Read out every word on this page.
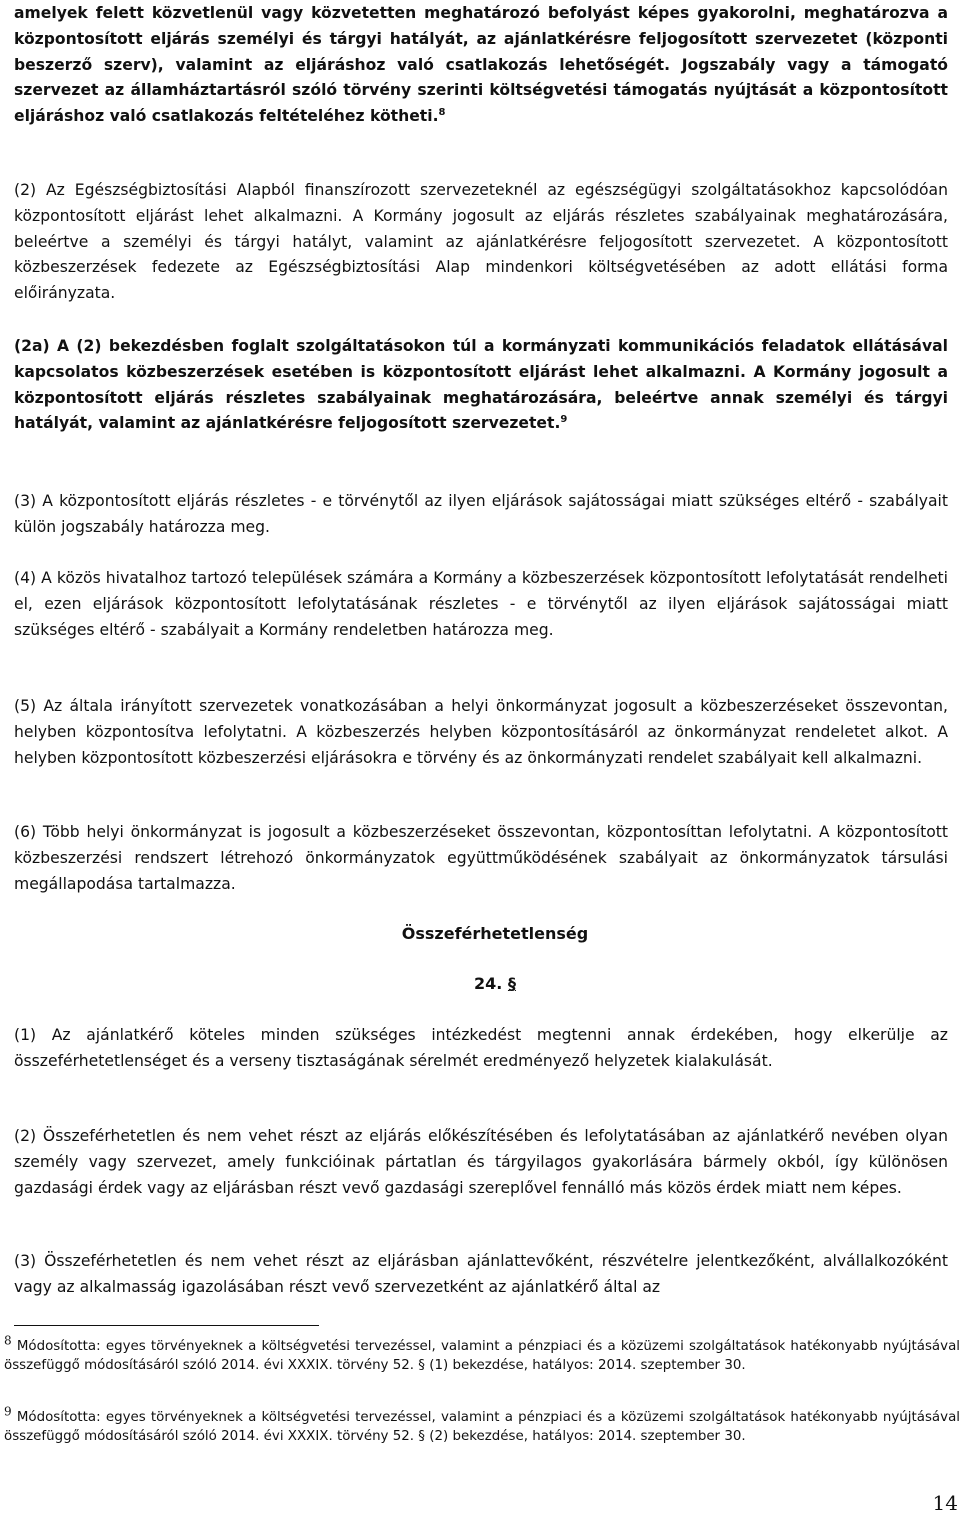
amelyek felett közvetlenül vagy közvetetten meghatározó befolyást képes gyakorolni, meghatározva a központosított eljárás személyi és tárgyi hatályát, az ajánlatkérésre feljogosított szervezetet (központi beszerző szerv), valamint az eljáráshoz való csatlakozás lehetőségét. Jogszabály vagy a támogató szervezet az államháztartásról szóló törvény szerinti költségvetési támogatás nyújtását a központosított eljáráshoz való csatlakozás feltételéhez kötheti.$^8$

(2) Az Egészségbiztosítási Alapból finanszírozott szervezeteknél az egészségügyi szolgáltatásokhoz kapcsolódóan központosított eljárást lehet alkalmazni. A Kormány jogosult az eljárás részletes szabályainak meghatározására, beleértve a személyi és tárgyi hatályt, valamint az ajánlatkérésre feljogosított szervezetet. A központosított közbeszerzések fedezete az Egészségbiztosítási Alap mindenkori költségvetésében az adott ellátási forma előirányzata.

(2a) A (2) bekezdésben foglalt szolgáltatásokon túl a kormányzati kommunikációs feladatok ellátásával kapcsolatos közbeszerzések esetében is központosított eljárást lehet alkalmazni. A Kormány jogosult a központosított eljárás részletes szabályainak meghatározására, beleértve annak személyi és tárgyi hatályát, valamint az ajánlatkérésre feljogosított szervezetet.$^9$

(3) A központosított eljárás részletes - e törvénytől az ilyen eljárások sajátosságai miatt szükséges eltérő - szabályait külön jogszabály határozza meg.

(4) A közös hivatalhoz tartozó települések számára a Kormány a közbeszerzések központosított lefolytatását rendelheti el, ezen eljárások központosított lefolytatásának részletes - e törvénytől az ilyen eljárások sajátosságai miatt szükséges eltérő - szabályait a Kormány rendeletben határozza meg.

(5) Az általa irányított szervezetek vonatkozásában a helyi önkormányzat jogosult a közbeszerzéseket összevontan, helyben központosítva lefolytatni. A közbeszerzés helyben központosításáról az önkormányzat rendeletet alkot. A helyben központosított közbeszerzési eljárásokra e törvény és az önkormányzati rendelet szabályait kell alkalmazni.

(6) Több helyi önkormányzat is jogosult a közbeszerzéseket összevontan, központosíttan lefolytatni. A központosított közbeszerzési rendszert létrehozó önkormányzatok együttműködésének szabályait az önkormányzatok társulási megállapodása tartalmazza.

Összeférhetetlenség
24. §

(1) Az ajánlatkérő köteles minden szükséges intézkedést megtenni annak érdekében, hogy elkerülje az összeférhetetlenséget és a verseny tisztaságának sérelmét eredményező helyzetek kialakulását.

(2) Összeférhetetlen és nem vehet részt az eljárás előkészítésében és lefolytatásában az ajánlatkérő nevében olyan személy vagy szervezet, amely funkcióinak pártatlan és tárgyilagos gyakorlására bármely okból, így különösen gazdasági érdek vagy az eljárásban részt vevő gazdasági szereplővel fennálló más közös érdek miatt nem képes.

(3) Összeférhetetlen és nem vehet részt az eljárásban ajánlattevőként, részvételre jelentkezőként, alvállalkozóként vagy az alkalmasság igazolásában részt vevő szervezetként az ajánlatkérő által az

8 Módosította: egyes törvényeknek a költségvetési tervezéssel, valamint a pénzpiaci és a közüzemi szolgáltatások hatékonyabb nyújtásával összefüggő módosításáról szóló 2014. évi XXXIX. törvény 52. § (1) bekezdése, hatályos: 2014. szeptember 30.

9 Módosította: egyes törvényeknek a költségvetési tervezéssel, valamint a pénzpiaci és a közüzemi szolgáltatások hatékonyabb nyújtásával összefüggő módosításáról szóló 2014. évi XXXIX. törvény 52. § (2) bekezdése, hatályos: 2014. szeptember 30.

14
